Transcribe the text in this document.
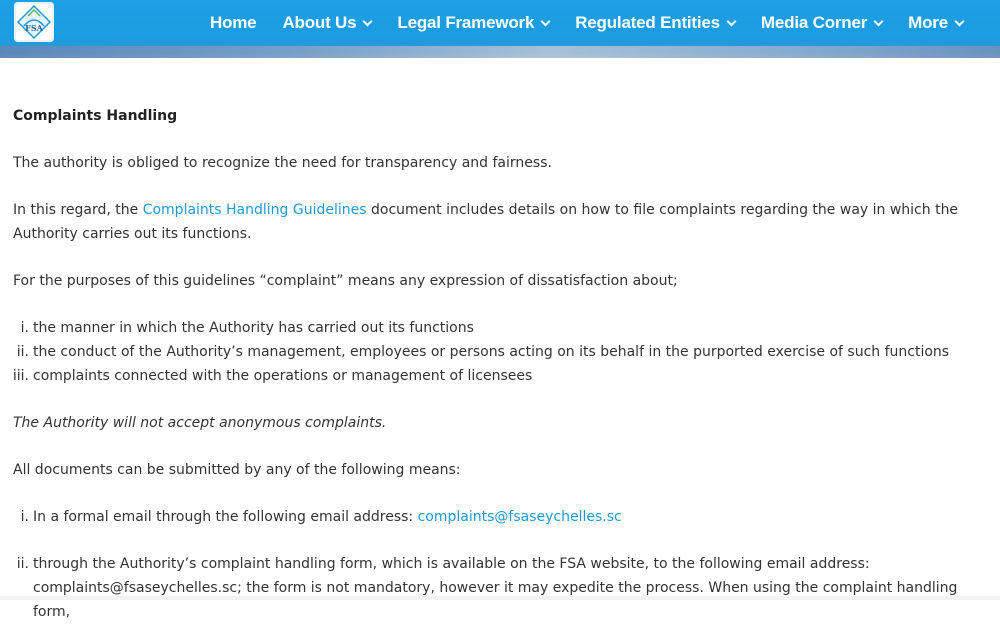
FSA	Home About Us Legal Framework Regulated Entities Media Corner More

Complaints Handling

The authority is obliged to recognize the need for transparency and fairness.

In this regard, the Complaints Handling Guidelines document includes details on how to file complaints regarding the way in which the Authority carries out its functions.

For the purposes of this guidelines “complaint” means any expression of dissatisfaction about;

i. the manner in which the Authority has carried out its functions
ii. the conduct of the Authority’s management, employees or persons acting on its behalf in the purported exercise of such functions
iii. complaints connected with the operations or management of licensees

The Authority will not accept anonymous complaints.

All documents can be submitted by any of the following means:

i. In a formal email through the following email address: complaints@fsaseychelles.sc
ii. through the Authority’s complaint handling form, which is available on the FSA website, to the following email address: complaints@fsaseychelles.sc; the form is not mandatory, however it may expedite the process. When using the complaint handling form,
